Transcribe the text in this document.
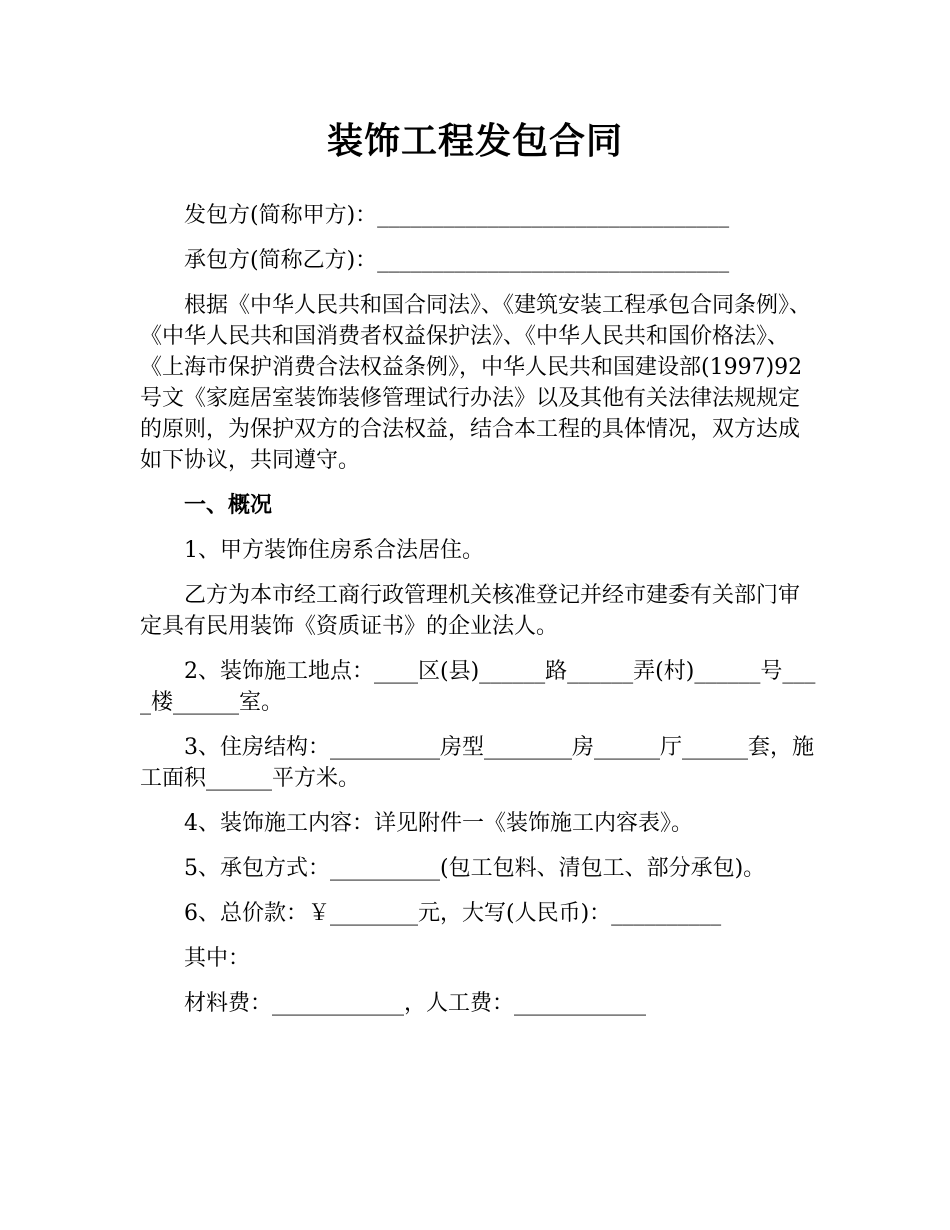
装饰工程发包合同

发包方(简称甲方)：________________________________

承包方(简称乙方)：________________________________

根据《中华人民共和国合同法》、《建筑安装工程承包合同条例》、《中华人民共和国消费者权益保护法》、《中华人民共和国价格法》、《上海市保护消费合法权益条例》，中华人民共和国建设部(1997)92号文《家庭居室装饰装修管理试行办法》以及其他有关法律法规规定的原则，为保护双方的合法权益，结合本工程的具体情况，双方达成如下协议，共同遵守。

一、概况

1、甲方装饰住房系合法居住。

乙方为本市经工商行政管理机关核准登记并经市建委有关部门审定具有民用装饰《资质证书》的企业法人。

2、装饰施工地点：____区(县)______路______弄(村)______号____楼______室。

3、住房结构：__________房型________房______厅______套，施工面积______平方米。

4、装饰施工内容：详见附件一《装饰施工内容表》。

5、承包方式：__________(包工包料、清包工、部分承包)。

6、总价款：￥________元，大写(人民币)：__________

其中：

材料费：____________，人工费：____________
